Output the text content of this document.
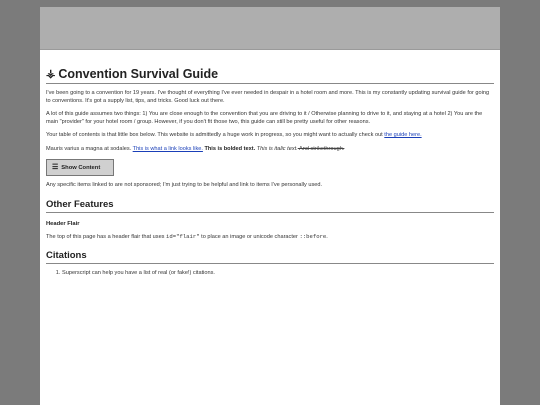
⚶ Convention Survival Guide

I've been going to a convention for 19 years. I've thought of everything I've ever needed in despair in a hotel room and more. This is my constantly updating survival guide for going to conventions. It's got a supply list, tips, and tricks. Good luck out there.

A lot of this guide assumes two things: 1) You are close enough to the convention that you are driving to it / Otherwise planning to drive to it, and staying at a hotel 2) You are the main "provider" for your hotel room / group. However, if you don't fit those two, this guide can still be pretty useful for other reasons.

Your table of contents is that little box below. This website is admittedly a huge work in progress, so you might want to actually check out the guide here.

Mauris varius a magna at sodales. This is what a link looks like. This is bolded text. This is italic text. And strikethrough.

☰ Show Content

Any specific items linked to are not sponsored; I'm just trying to be helpful and link to items I've personally used.

Other Features
Header Flair

The top of this page has a header flair that uses id="flair" to place an image or unicode character ::before.

Citations
1. Superscript can help you have a list of real (or fake!) citations.
